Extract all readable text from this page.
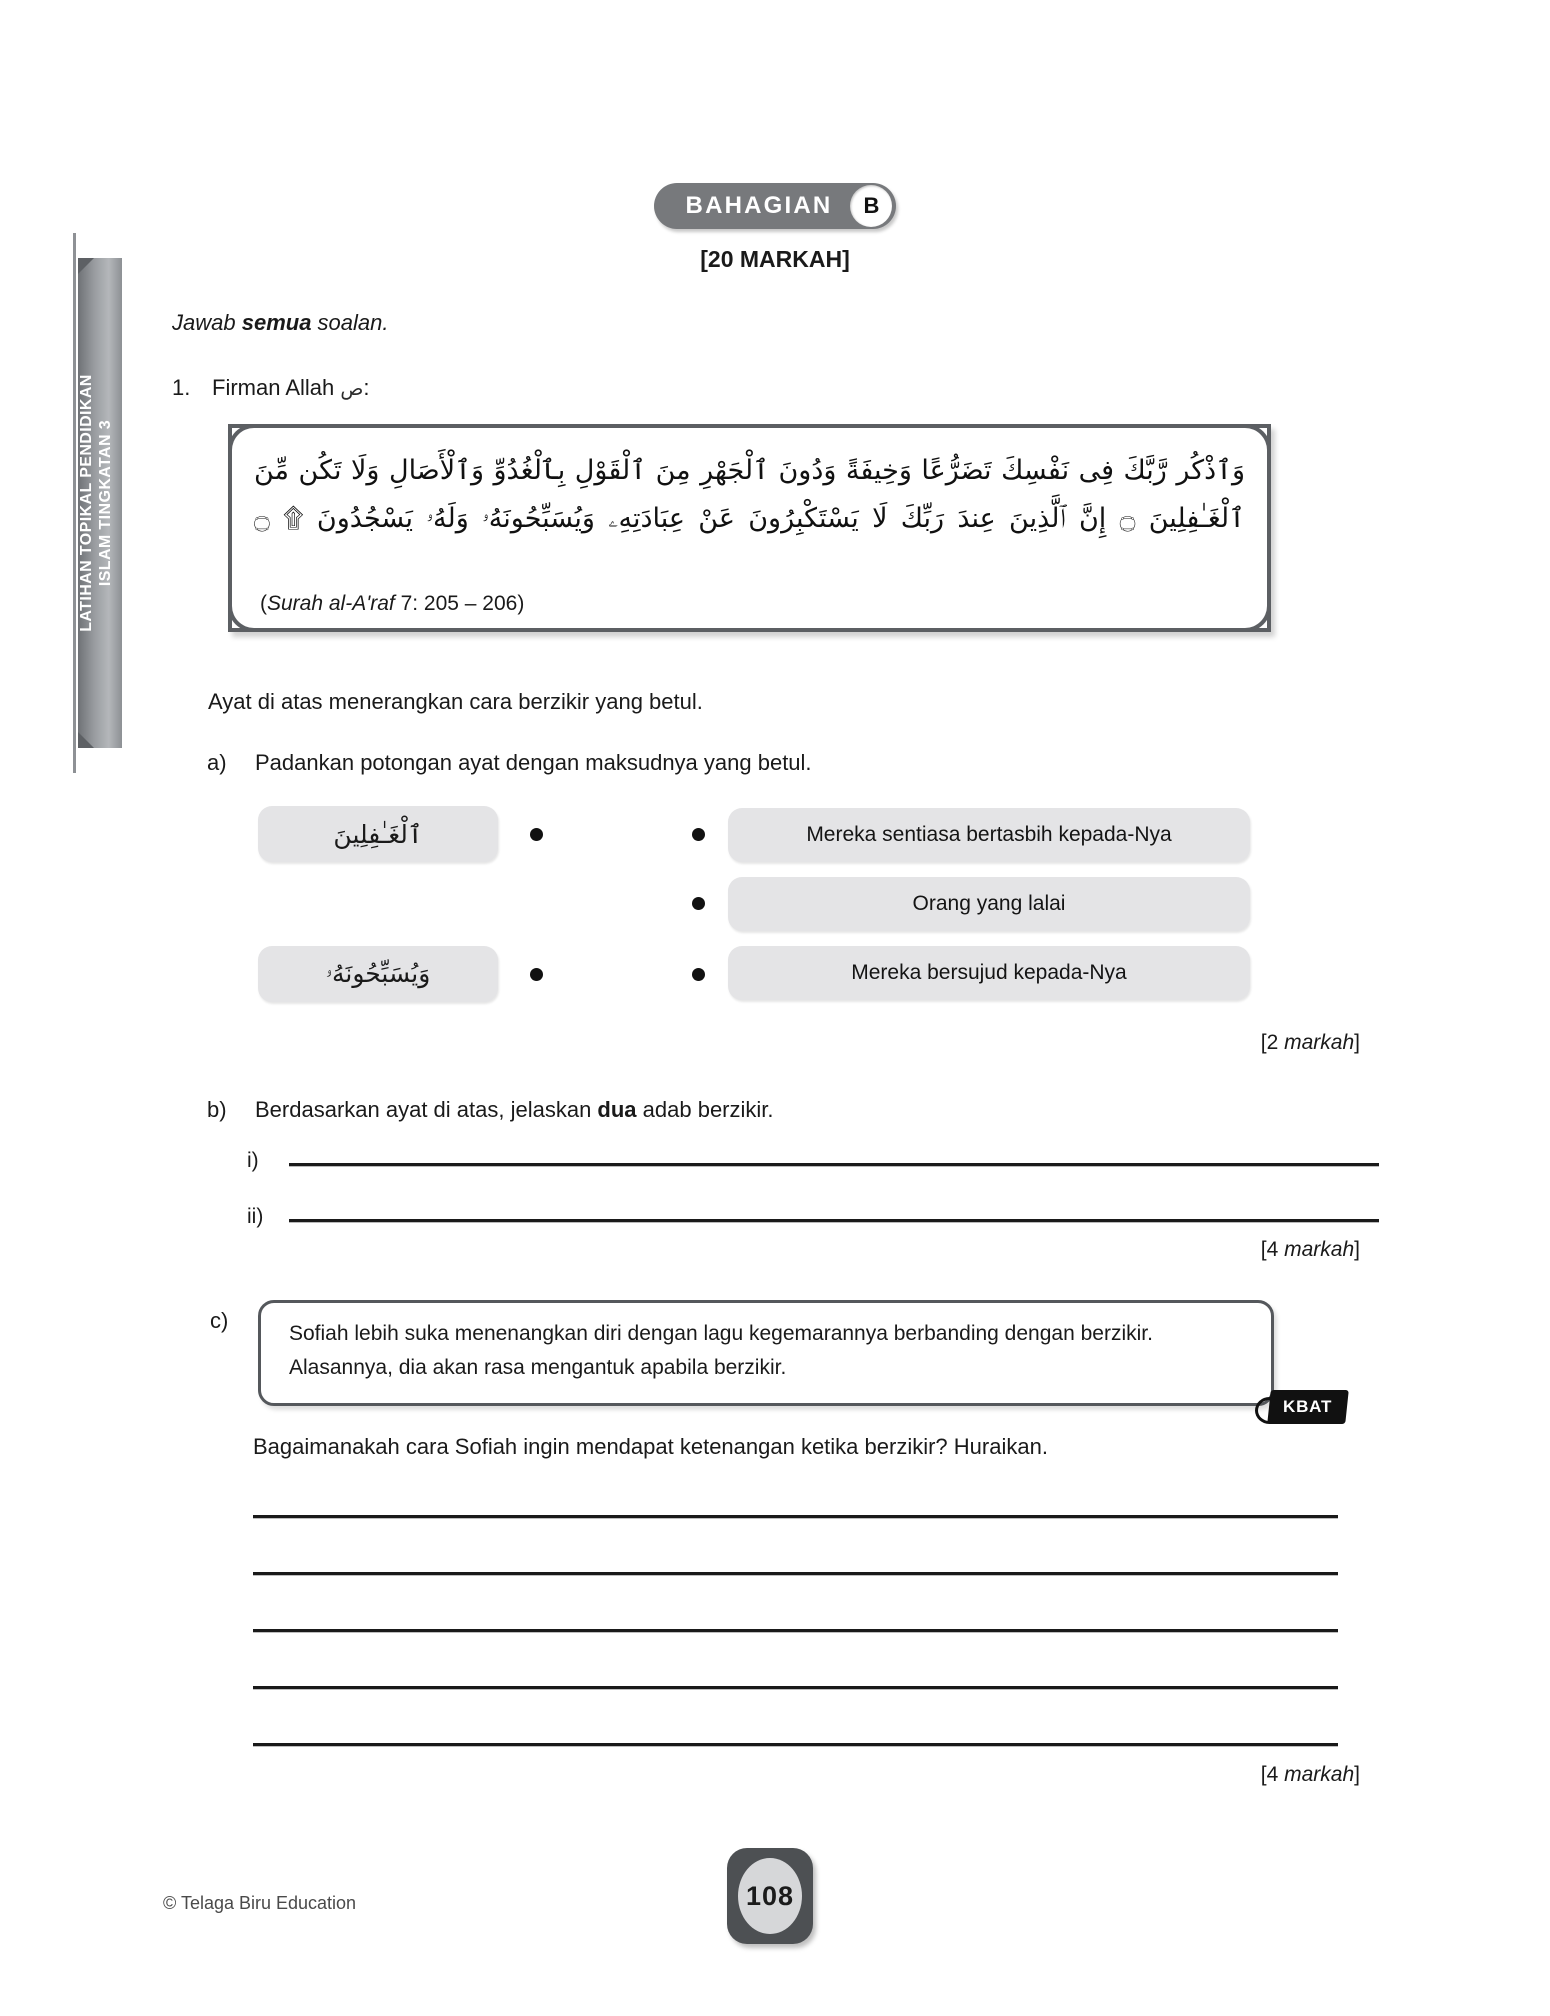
LATIHAN TOPIKAL PENDIDIKAN ISLAM TINGKATAN 3
BAHAGIAN	B
[20 MARKAH]
Jawab semua soalan.
1. Firman Allah ص:
وَٱذْكُر رَّبَّكَ فِى نَفْسِكَ تَضَرُّعًا وَخِيفَةً وَدُونَ ٱلْجَهْرِ مِنَ ٱلْقَوْلِ بِٱلْغُدُوِّ وَٱلْأَصَالِ وَلَا تَكُن مِّنَ
ٱلْغَـٰفِلِينَ ۝ إِنَّ ٱلَّذِينَ عِندَ رَبِّكَ لَا يَسْتَكْبِرُونَ عَنْ عِبَادَتِهِۦ وَيُسَبِّحُونَهُۥ وَلَهُۥ يَسْجُدُونَ ۩ ۝
(Surah al-A'raf 7: 205 – 206)
Ayat di atas menerangkan cara berzikir yang betul.
a) Padankan potongan ayat dengan maksudnya yang betul.
ٱلْغَـٰفِلِينَ
وَيُسَبِّحُونَهُۥ
Mereka sentiasa bertasbih kepada-Nya
Orang yang lalai
Mereka bersujud kepada-Nya
[2 markah]
b) Berdasarkan ayat di atas, jelaskan dua adab berzikir.
i)
ii)
[4 markah]
c)
Sofiah lebih suka menenangkan diri dengan lagu kegemarannya berbanding dengan berzikir. Alasannya, dia akan rasa mengantuk apabila berzikir.
KBAT
Bagaimanakah cara Sofiah ingin mendapat ketenangan ketika berzikir? Huraikan.
[4 markah]
© Telaga Biru Education	108
